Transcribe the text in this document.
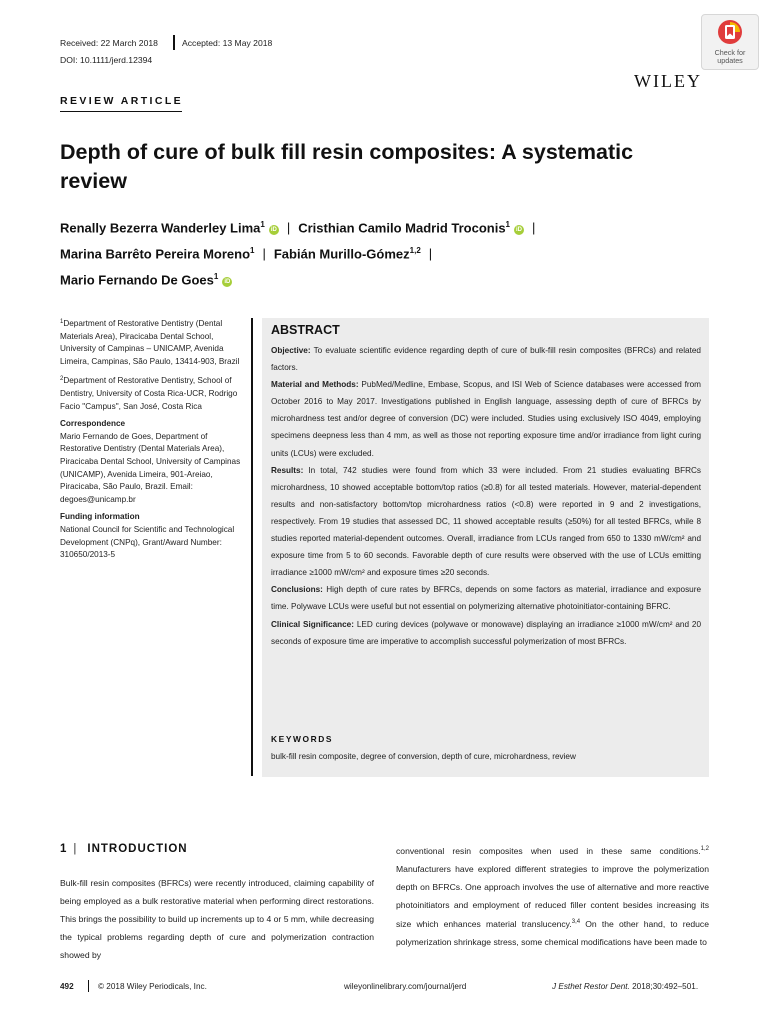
Received: 22 March 2018	Accepted: 13 May 2018
DOI: 10.1111/jerd.12394
Check for
updates
WILEY
REVIEW ARTICLE
Depth of cure of bulk fill resin composites: A systematic review
Renally Bezerra Wanderley Lima$^1$iD | Cristhian Camilo Madrid Troconis$^1$iD |
Marina Barrêto Pereira Moreno$^1$ | Fabián Murillo-Gómez$^{1,2}$ |
Mario Fernando De Goes$^1$iD

$^1$Department of Restorative Dentistry (Dental Materials Area), Piracicaba Dental School, University of Campinas – UNICAMP, Avenida Limeira, Campinas, São Paulo, 13414-903, Brazil

$^2$Department of Restorative Dentistry, School of Dentistry, University of Costa Rica-UCR, Rodrigo Facio "Campus", San José, Costa Rica

Correspondence
Mario Fernando de Goes, Department of Restorative Dentistry (Dental Materials Area), Piracicaba Dental School, University of Campinas (UNICAMP), Avenida Limeira, 901-Areiao, Piracicaba, São Paulo, Brazil. Email: degoes@unicamp.br

Funding information
National Council for Scientific and Technological Development (CNPq), Grant/Award Number: 310650/2013-5

ABSTRACT

Objective: To evaluate scientific evidence regarding depth of cure of bulk-fill resin composites (BFRCs) and related factors.

Material and Methods: PubMed/Medline, Embase, Scopus, and ISI Web of Science databases were accessed from October 2016 to May 2017. Investigations published in English language, assessing depth of cure of BFRCs by microhardness test and/or degree of conversion (DC) were included. Studies using exclusively ISO 4049, employing specimens deepness less than 4 mm, as well as those not reporting exposure time and/or irradiance from light curing units (LCUs) were excluded.

Results: In total, 742 studies were found from which 33 were included. From 21 studies evaluating BFRCs microhardness, 10 showed acceptable bottom/top ratios (≥0.8) for all tested materials. However, material-dependent results and non-satisfactory bottom/top microhardness ratios (<0.8) were reported in 9 and 2 investigations, respectively. From 19 studies that assessed DC, 11 showed acceptable results (≥50%) for all tested BFRCs, while 8 studies reported material-dependent outcomes. Overall, irradiance from LCUs ranged from 650 to 1330 mW/cm² and exposure time from 5 to 60 seconds. Favorable depth of cure results were observed with the use of LCUs emitting irradiance ≥1000 mW/cm² and exposure times ≥20 seconds.

Conclusions: High depth of cure rates by BFRCs, depends on some factors as material, irradiance and exposure time. Polywave LCUs were useful but not essential on polymerizing alternative photoinitiator-containing BFRC.

Clinical Significance: LED curing devices (polywave or monowave) displaying an irradiance ≥1000 mW/cm² and 20 seconds of exposure time are imperative to accomplish successful polymerization of most BFRCs.

KEYWORDS
bulk-fill resin composite, degree of conversion, depth of cure, microhardness, review
1 | INTRODUCTION
Bulk-fill resin composites (BFRCs) were recently introduced, claiming capability of being employed as a bulk restorative material when performing direct restorations. This brings the possibility to build up increments up to 4 or 5 mm, while decreasing the typical problems regarding depth of cure and polymerization contraction showed by
conventional resin composites when used in these same conditions.$^{1,2}$ Manufacturers have explored different strategies to improve the polymerization depth on BFRCs. One approach involves the use of alternative and more reactive photoinitiators and employment of reduced filler content besides increasing its size which enhances material translucency.$^{3,4}$ On the other hand, to reduce polymerization shrinkage stress, some chemical modifications have been made to
492	© 2018 Wiley Periodicals, Inc.	wileyonlinelibrary.com/journal/jerd	J Esthet Restor Dent. 2018;30:492–501.
